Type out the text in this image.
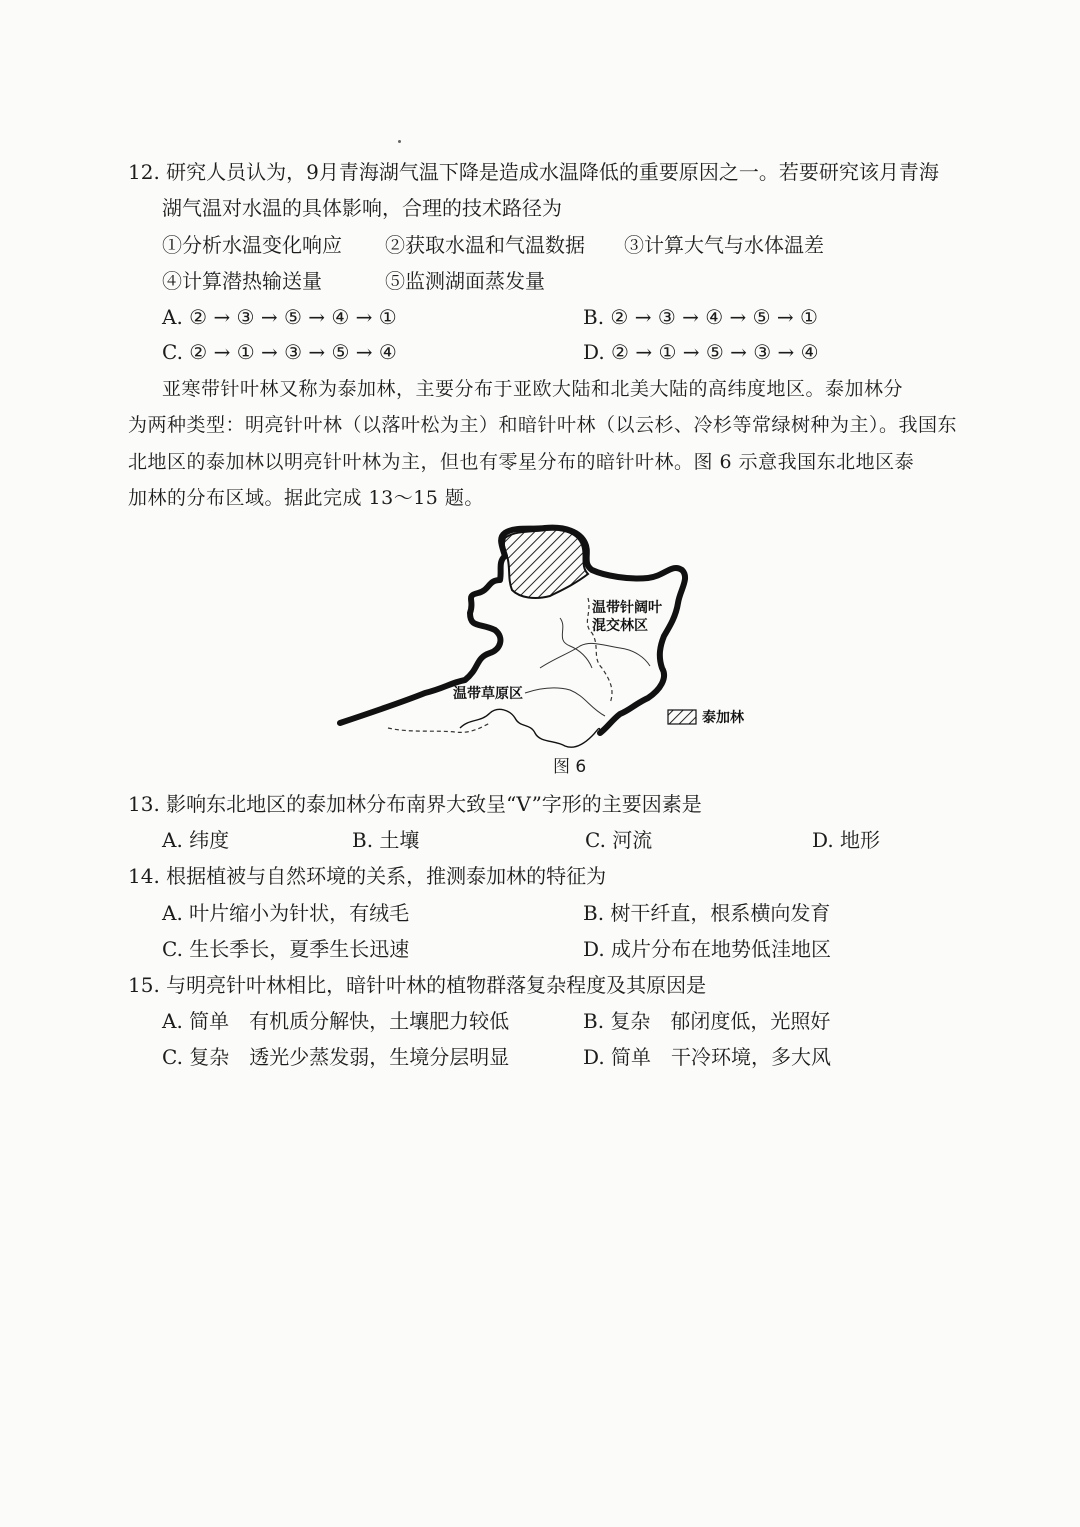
12. 研究人员认为，9月青海湖气温下降是造成水温降低的重要原因之一。若要研究该月青海
湖气温对水温的具体影响，合理的技术路径为
①分析水温变化响应 ②获取水温和气温数据 ③计算大气与水体温差
④计算潜热输送量	⑤监测湖面蒸发量
A. ② → ③ → ⑤ → ④ → ①	B. ② → ③ → ④ → ⑤ → ①
C. ② → ① → ③ → ⑤ → ④	D. ② → ① → ⑤ → ③ → ④
亚寒带针叶林又称为泰加林，主要分布于亚欧大陆和北美大陆的高纬度地区。泰加林分
为两种类型：明亮针叶林（以落叶松为主）和暗针叶林（以云杉、冷杉等常绿树种为主）。我国东
北地区的泰加林以明亮针叶林为主，但也有零星分布的暗针叶林。图 6 示意我国东北地区泰
加林的分布区域。据此完成 13～15 题。
温带针阔叶
混交林区
温带草原区
泰加林
图 6
13. 影响东北地区的泰加林分布南界大致呈“V”字形的主要因素是
A. 纬度	B. 土壤	C. 河流	D. 地形
14. 根据植被与自然环境的关系，推测泰加林的特征为
A. 叶片缩小为针状，有绒毛	B. 树干纤直，根系横向发育
C. 生长季长，夏季生长迅速	D. 成片分布在地势低洼地区
15. 与明亮针叶林相比，暗针叶林的植物群落复杂程度及其原因是
A. 简单　有机质分解快，土壤肥力较低	B. 复杂　郁闭度低，光照好
C. 复杂　透光少蒸发弱，生境分层明显	D. 简单　干冷环境，多大风
